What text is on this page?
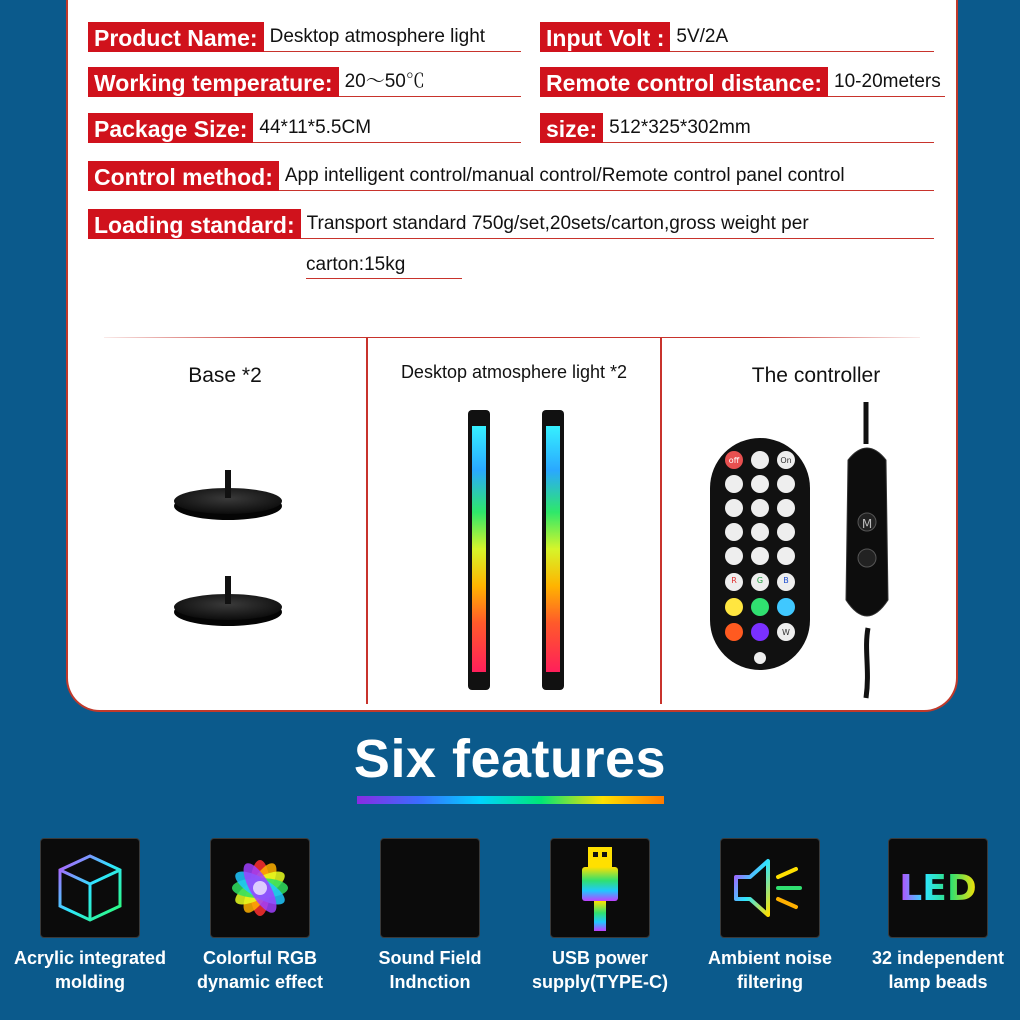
Product Name: Desktop atmosphere light	Input Volt : 5V/2A
Working temperature: 20～50℃	Remote control distance: 10-20meters
Package Size: 44*11*5.5CM	size: 512*325*302mm
Control method: App intelligent control/manual control/Remote control panel control
Loading standard: Transport standard 750g/set,20sets/carton,gross weight per
carton:15kg
Base *2	Desktop atmosphere light *2	The controller
R	G	B
W
off	On
M
Six features
Acrylic integrated
molding
Colorful RGB
dynamic effect
Sound Field
Indnction
USB power
supply(TYPE-C)
Ambient noise
filtering
LED
32 independent
lamp beads
